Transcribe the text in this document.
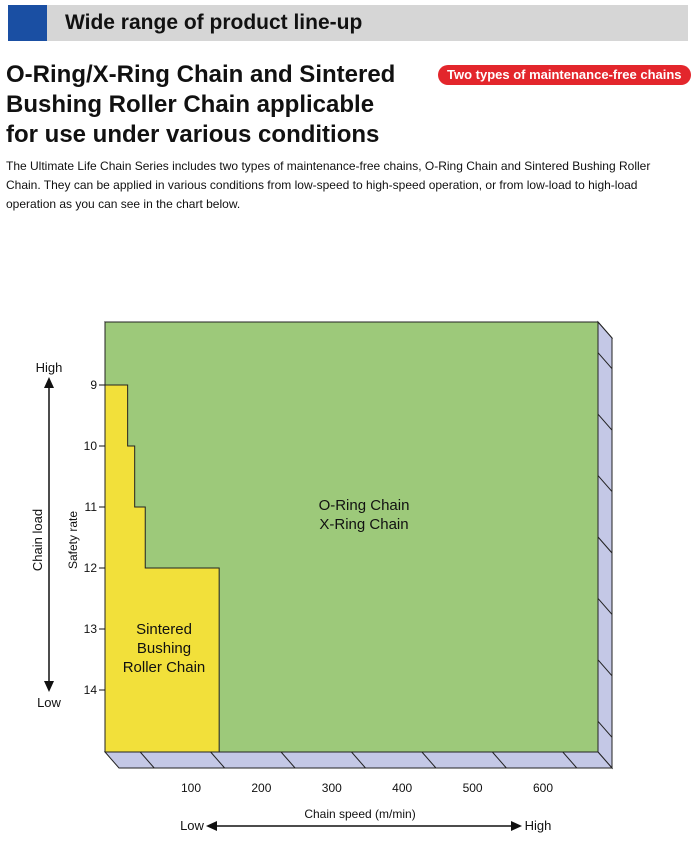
Wide range of product line-up
O-Ring/X-Ring Chain and Sintered
Bushing Roller Chain applicable
for use under various conditions
Two types of maintenance-free chains
The Ultimate Life Chain Series includes two types of maintenance-free chains, O-Ring Chain and Sintered Bushing Roller Chain. They can be applied in various conditions from low-speed to high-speed operation, or from low-load to high-load operation as you can see in the chart below.
O-Ring Chain
X-Ring Chain
Sintered
Bushing
Roller Chain
9
10
11
12
13
14
100	200	300	400	500	600
Safety rate
High
Low
Chain load
Chain speed (m/min)
Low	High
